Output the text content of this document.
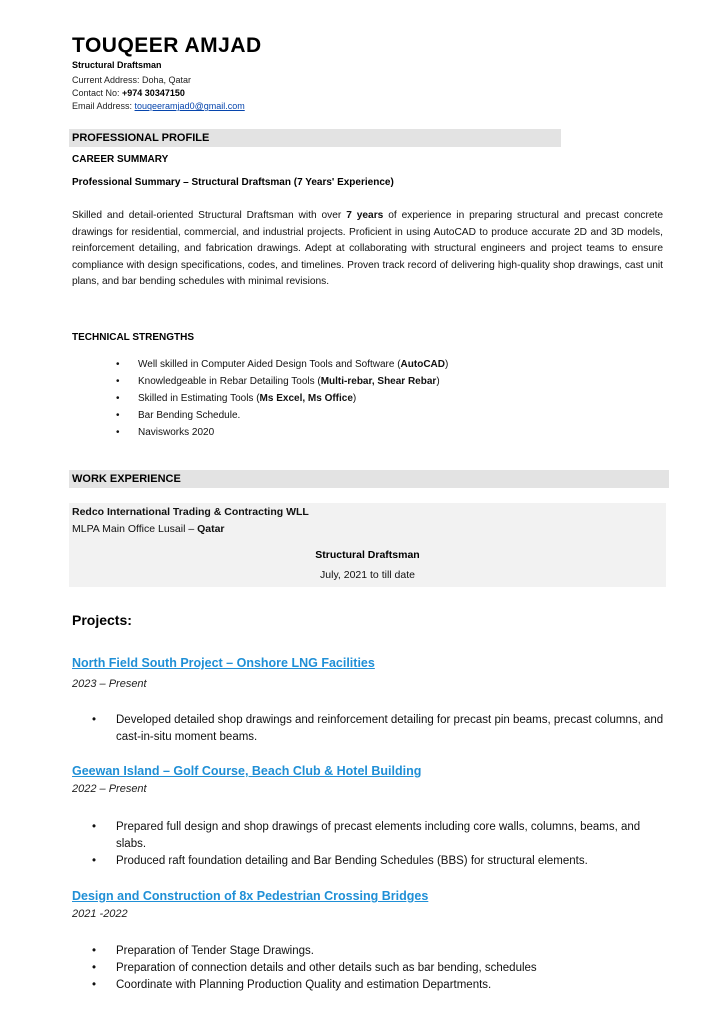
TOUQEER AMJAD
Structural Draftsman
Current Address: Doha, Qatar
Contact No: +974 30347150
Email Address: touqeeramjad0@gmail.com
PROFESSIONAL PROFILE
CAREER SUMMARY
Professional Summary – Structural Draftsman (7 Years' Experience)
Skilled and detail-oriented Structural Draftsman with over 7 years of experience in preparing structural and precast concrete drawings for residential, commercial, and industrial projects. Proficient in using AutoCAD to produce accurate 2D and 3D models, reinforcement detailing, and fabrication drawings. Adept at collaborating with structural engineers and project teams to ensure compliance with design specifications, codes, and timelines. Proven track record of delivering high-quality shop drawings, cast unit plans, and bar bending schedules with minimal revisions.
TECHNICAL STRENGTHS
• Well skilled in Computer Aided Design Tools and Software (AutoCAD)
• Knowledgeable in Rebar Detailing Tools (Multi-rebar, Shear Rebar)
• Skilled in Estimating Tools (Ms Excel, Ms Office)
• Bar Bending Schedule.
• Navisworks 2020
WORK EXPERIENCE
Redco International Trading & Contracting WLL
MLPA Main Office Lusail – Qatar
Structural Draftsman
July, 2021 to till date
Projects:
North Field South Project – Onshore LNG Facilities
2023 – Present
• Developed detailed shop drawings and reinforcement detailing for precast pin beams, precast columns, and cast-in-situ moment beams.
Geewan Island – Golf Course, Beach Club & Hotel Building
2022 – Present
• Prepared full design and shop drawings of precast elements including core walls, columns, beams, and slabs.
• Produced raft foundation detailing and Bar Bending Schedules (BBS) for structural elements.
Design and Construction of 8x Pedestrian Crossing Bridges
2021 -2022
• Preparation of Tender Stage Drawings.
• Preparation of connection details and other details such as bar bending, schedules
• Coordinate with Planning Production Quality and estimation Departments.
